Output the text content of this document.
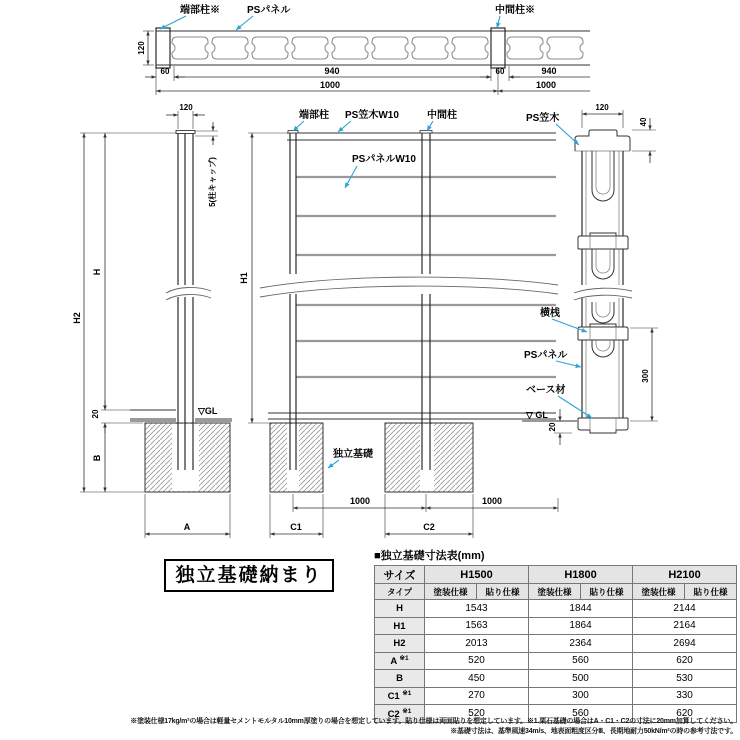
120
60	940	60	940
1000	1000
端部柱※	PSパネル	中間柱※
120
5(柱キャップ)
H2
H
20
B
▽GL
A
H1
1000	1000
C1	C2
端部柱 PS笠木W10	中間柱
PSパネルW10
独立基礎
▽ GL
120
40
300
20
PS笠木
横桟
PSパネル
ベース材
独立基礎納まり
■独立基礎寸法表(mm)
サイズ	H1500		H1800		H2100	
タイプ	塗装仕様	貼り仕様	塗装仕様	貼り仕様	塗装仕様	貼り仕様
H	1543		1844		2144	
H1	1563		1864		2164	
H2	2013		2364		2694	
A $^{※1}$	520		560		620	
B	450		500		530	
C1 $^{※1}$	270		300		330	
C2 $^{※1}$	520		560		620	
※塗装仕様17kg/m²の場合は軽量セメントモルタル10mm厚塗りの場合を想定しています。貼り仕様は両面貼りを想定しています。※1.栗石基礎の場合はA・C1・C2の寸法に20mm加算してください。
※基礎寸法は、基準風速34m/s、地表面粗度区分Ⅲ、長期地耐力50kN/m²の時の参考寸法です。
